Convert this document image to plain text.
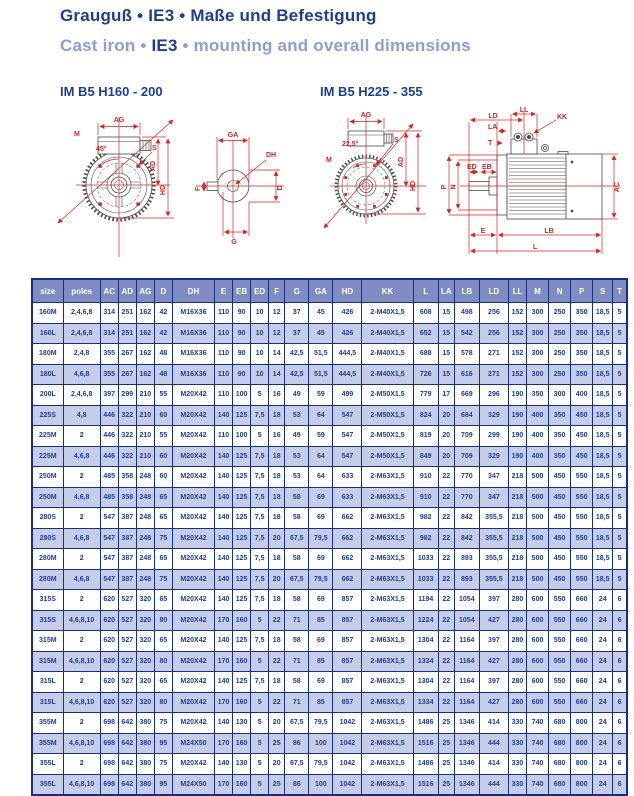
Grauguß • IE3 • Maße und Befestigung
Cast iron • IE3 • mounting and overall dimensions
IM B5 H160 - 200	IM B5 H225 - 355
AG
M
45°	S
AD
HD
GA
DH
F	D
G
AG
M
22,5°
S
AD
HD
LD
LL
KK
LA
T
ED EB
P N	AC
E	LB
L
size	poles	AC	AD	AG	D	DH	E	EB	ED	F	G	GA	HD	KK	L	LA	LB	LD	LL	M	N	P	S	T
160M	2,4,6,8	314	251	162	42	M16X36	110	90	10	12	37	45	426	2-M40X1,5	608	15	498	256	152	300	250	350	18,5	5
160L	2,4,6,8	314	251	162	42	M16X36	110	90	10	12	37	45	426	2-M40X1,5	652	15	542	256	152	300	250	350	18,5	5
180M	2,4,8	355	267	162	48	M16X36	110	90	10	14	42,5	51,5	444,5	2-M40X1,5	688	15	578	271	152	300	250	350	18,5	5
180L	4,6,8	355	267	162	48	M16X36	110	90	10	14	42,5	51,5	444,5	2-M40X1,5	726	15	616	271	152	300	250	350	18,5	5
200L	2,4,6,8	397	299	210	55	M20X42	110	100	5	16	49	59	499	2-M50X1,5	779	17	669	296	190	350	300	400	18,5	5
225S	4,8	446	322	210	60	M20X42	140	125	7,5	18	53	64	547	2-M50X1,5	824	20	684	329	190	400	350	450	18,5	5
225M	2	446	322	210	55	M20X42	110	100	5	16	49	59	547	2-M50X1,5	819	20	709	299	190	400	350	450	18,5	5
225M	4,6,8	446	322	210	60	M20X42	140	125	7,5	18	53	64	547	2-M50X1,5	849	20	709	329	190	400	350	450	18,5	5
250M	2	485	358	248	60	M20X42	140	125	7,5	18	53	64	633	2-M63X1,5	910	22	770	347	218	500	450	550	18,5	5
250M	4,6,8	485	358	248	65	M20X42	140	125	7,5	18	58	69	633	2-M63X1,5	910	22	770	347	218	500	450	550	18,5	5
280S	2	547	387	248	65	M20X42	140	125	7,5	18	58	69	662	2-M63X1,5	982	22	842	355,5	218	500	450	550	18,5	5
280S	4,6,8	547	387	248	75	M20X42	140	125	7,5	20	67,5	79,5	662	2-M63X1,5	982	22	842	355,5	218	500	450	550	18,5	5
280M	2	547	387	248	65	M20X42	140	125	7,5	18	58	69	662	2-M63X1,5	1033	22	893	355,5	218	500	450	550	18,5	5
280M	4,6,8	547	387	248	75	M20X42	140	125	7,5	20	67,5	79,5	662	2-M63X1,5	1033	22	893	355,5	218	500	450	550	18,5	5
315S	2	620	527	320	65	M20X42	140	125	7,5	18	58	69	857	2-M63X1,5	1194	22	1054	397	280	600	550	660	24	6
315S	4,6,8,10	620	527	320	80	M20X42	170	160	5	22	71	85	857	2-M63X1,5	1224	22	1054	427	280	600	550	660	24	6
315M	2	620	527	320	65	M20X42	140	125	7,5	18	58	69	857	2-M63X1,5	1304	22	1164	397	280	600	550	660	24	6
315M	4,6,8,10	620	527	320	80	M20X42	170	160	5	22	71	85	857	2-M63X1,5	1334	22	1164	427	280	600	550	660	24	6
315L	2	620	527	320	65	M20X42	140	125	7,5	18	58	69	857	2-M63X1,5	1304	22	1164	397	280	600	550	660	24	6
315L	4,6,8,10	620	527	320	80	M20X42	170	160	5	22	71	85	857	2-M63X1,5	1334	22	1164	427	280	600	550	660	24	6
355M	2	698	642	380	75	M20X42	140	130	5	20	67,5	79,5	1042	2-M63X1,5	1486	25	1346	414	330	740	680	800	24	6
355M	4,6,8,10	698	642	380	95	M24X50	170	160	5	25	86	100	1042	2-M63X1,5	1516	25	1346	444	330	740	680	800	24	6
355L	2	698	642	380	75	M20X42	140	130	5	20	67,5	79,5	1042	2-M63X1,5	1486	25	1346	414	330	740	680	800	24	6
355L	4,6,8,10	698	642	380	95	M24X50	170	160	5	25	86	100	1042	2-M63X1,5	1516	25	1346	444	330	740	680	800	24	6
